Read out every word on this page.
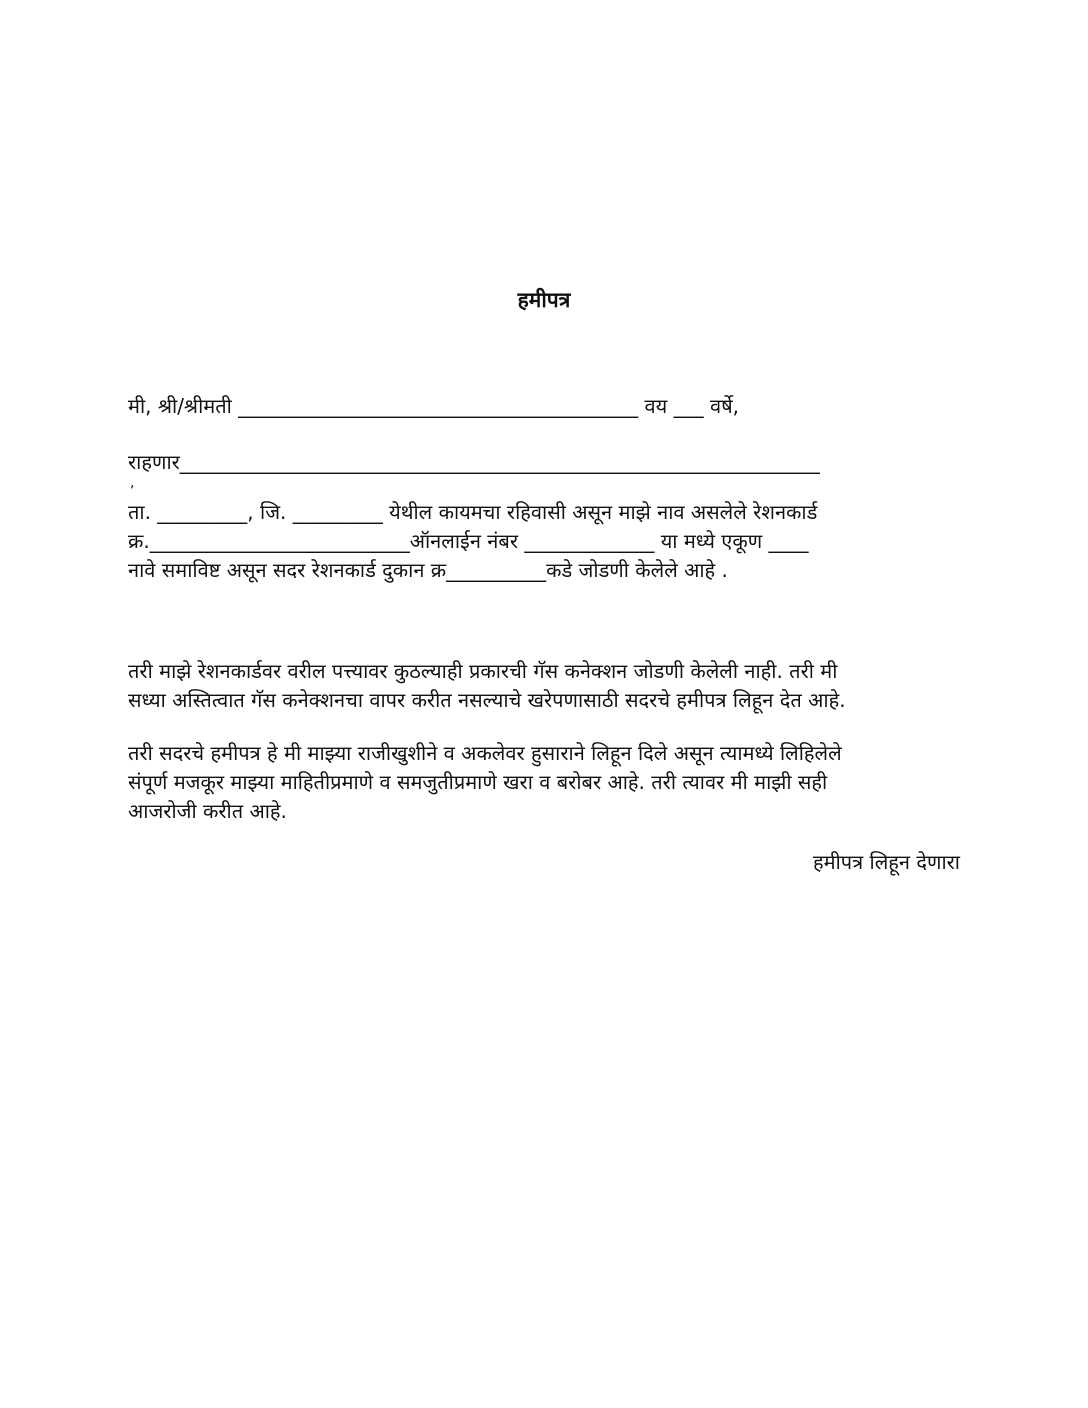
हमीपत्र
मी, श्री/श्रीमती ________________________________________ वय ___ वर्षे,
राहणार________________________________________________________________
,
ता. _________, जि. _________ येथील कायमचा रहिवासी असून माझे नाव असलेले रेशनकार्ड
क्र.__________________________ऑनलाईन नंबर _____________ या मध्ये एकूण ____
नावे समाविष्ट असून सदर रेशनकार्ड दुकान क्र__________कडे जोडणी केलेले आहे .
तरी माझे रेशनकार्डवर वरील पत्त्यावर कुठल्याही प्रकारची गॅस कनेक्शन जोडणी केलेली नाही. तरी मी
सध्या अस्तित्वात गॅस कनेक्शनचा वापर करीत नसल्याचे खरेपणासाठी सदरचे हमीपत्र लिहून देत आहे.
तरी सदरचे हमीपत्र हे मी माझ्या राजीखुशीने व अकलेवर हुसाराने लिहून दिले असून त्यामध्ये लिहिलेले
संपूर्ण मजकूर माझ्या माहितीप्रमाणे व समजुतीप्रमाणे खरा व बरोबर आहे. तरी त्यावर मी माझी सही
आजरोजी करीत आहे.
हमीपत्र लिहून देणारा
